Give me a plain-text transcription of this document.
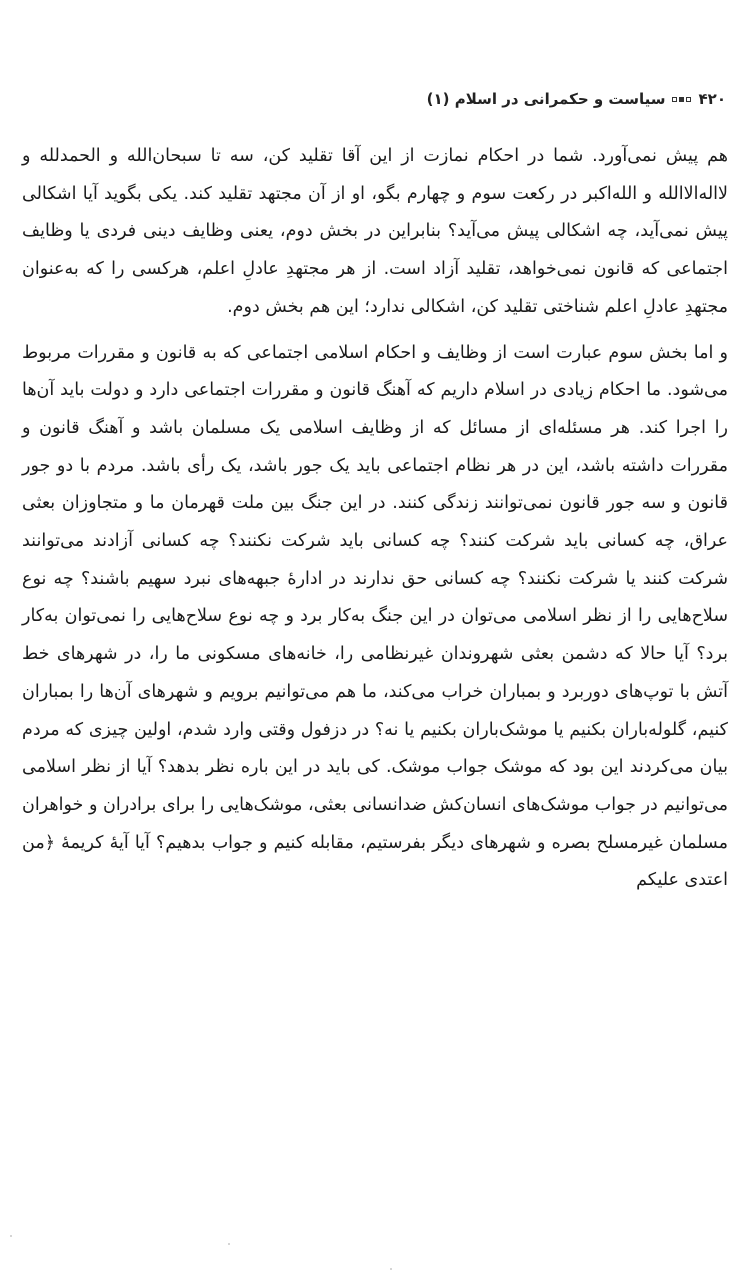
۴۲۰
سیاست و حکمرانی در اسلام (۱)

هم پیش نمی‌آورد. شما در احکام نمازت از این آقا تقلید کن، سه تا سبحان‌الله و الحمدلله و لااله‌الاالله و الله‌اکبر در رکعت سوم و چهارم بگو، او از آن مجتهد تقلید کند. یکی بگوید آیا اشکالی پیش نمی‌آید، چه اشکالی پیش می‌آید؟ بنابراین در بخش دوم، یعنی وظایف دینی فردی یا وظایف اجتماعی که قانون نمی‌خواهد، تقلید آزاد است. از هر مجتهدِ عادلِ اعلم، هرکسی را که به‌عنوان مجتهدِ عادلِ اعلم شناختی تقلید کن، اشکالی ندارد؛ این هم بخش دوم.

و اما بخش سوم عبارت است از وظایف و احکام اسلامی اجتماعی که به قانون و مقررات مربوط می‌شود. ما احکام زیادی در اسلام داریم که آهنگ قانون و مقررات اجتماعی دارد و دولت باید آن‌ها را اجرا کند. هر مسئله‌ای از مسائل که از وظایف اسلامی یک مسلمان باشد و آهنگ قانون و مقررات داشته باشد، این در هر نظام اجتماعی باید یک جور باشد، یک رأی باشد. مردم با دو جور قانون و سه جور قانون نمی‌توانند زندگی کنند. در این جنگ بین ملت قهرمان ما و متجاوزان بعثی عراق، چه کسانی باید شرکت کنند؟ چه کسانی باید شرکت نکنند؟ چه کسانی آزادند می‌توانند شرکت کنند یا شرکت نکنند؟ چه کسانی حق ندارند در ادارهٔ جبهه‌های نبرد سهیم باشند؟ چه نوع سلاح‌هایی را از نظر اسلامی می‌توان در این جنگ به‌کار برد و چه نوع سلاح‌هایی را نمی‌توان به‌کار برد؟ آیا حالا که دشمن بعثی شهروندان غیرنظامی را، خانه‌های مسکونی ما را، در شهرهای خط آتش با توپ‌های دوربرد و بمباران خراب می‌کند، ما هم می‌توانیم برویم و شهرهای آن‌ها را بمباران کنیم، گلوله‌باران بکنیم یا موشک‌باران بکنیم یا نه؟ در دزفول وقتی وارد شدم، اولین چیزی که مردم بیان می‌کردند این بود که موشک جواب موشک. کی باید در این باره نظر بدهد؟ آیا از نظر اسلامی می‌توانیم در جواب موشک‌های انسان‌کش ضدانسانی بعثی، موشک‌هایی را برای برادران و خواهران مسلمان غیرمسلح بصره و شهرهای دیگر بفرستیم، مقابله کنیم و جواب بدهیم؟ آیا آیهٔ کریمهٔ ﴿من اعتدی علیکم
